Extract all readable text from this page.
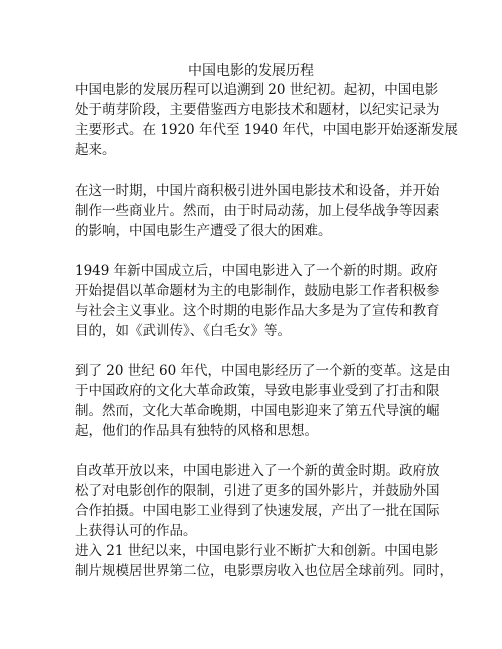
中国电影的发展历程

中国电影的发展历程可以追溯到 20 世纪初。起初，中国电影
处于萌芽阶段，主要借鉴西方电影技术和题材，以纪实记录为
主要形式。在 1920 年代至 1940 年代，中国电影开始逐渐发展
起来。

在这一时期，中国片商积极引进外国电影技术和设备，并开始
制作一些商业片。然而，由于时局动荡，加上侵华战争等因素
的影响，中国电影生产遭受了很大的困难。

1949 年新中国成立后，中国电影进入了一个新的时期。政府
开始提倡以革命题材为主的电影制作，鼓励电影工作者积极参
与社会主义事业。这个时期的电影作品大多是为了宣传和教育
目的，如《武训传》、《白毛女》等。

到了 20 世纪 60 年代，中国电影经历了一个新的变革。这是由
于中国政府的文化大革命政策，导致电影事业受到了打击和限
制。然而，文化大革命晚期，中国电影迎来了第五代导演的崛
起，他们的作品具有独特的风格和思想。

自改革开放以来，中国电影进入了一个新的黄金时期。政府放
松了对电影创作的限制，引进了更多的国外影片，并鼓励外国
合作拍摄。中国电影工业得到了快速发展，产出了一批在国际
上获得认可的作品。

进入 21 世纪以来，中国电影行业不断扩大和创新。中国电影
制片规模居世界第二位，电影票房收入也位居全球前列。同时，
